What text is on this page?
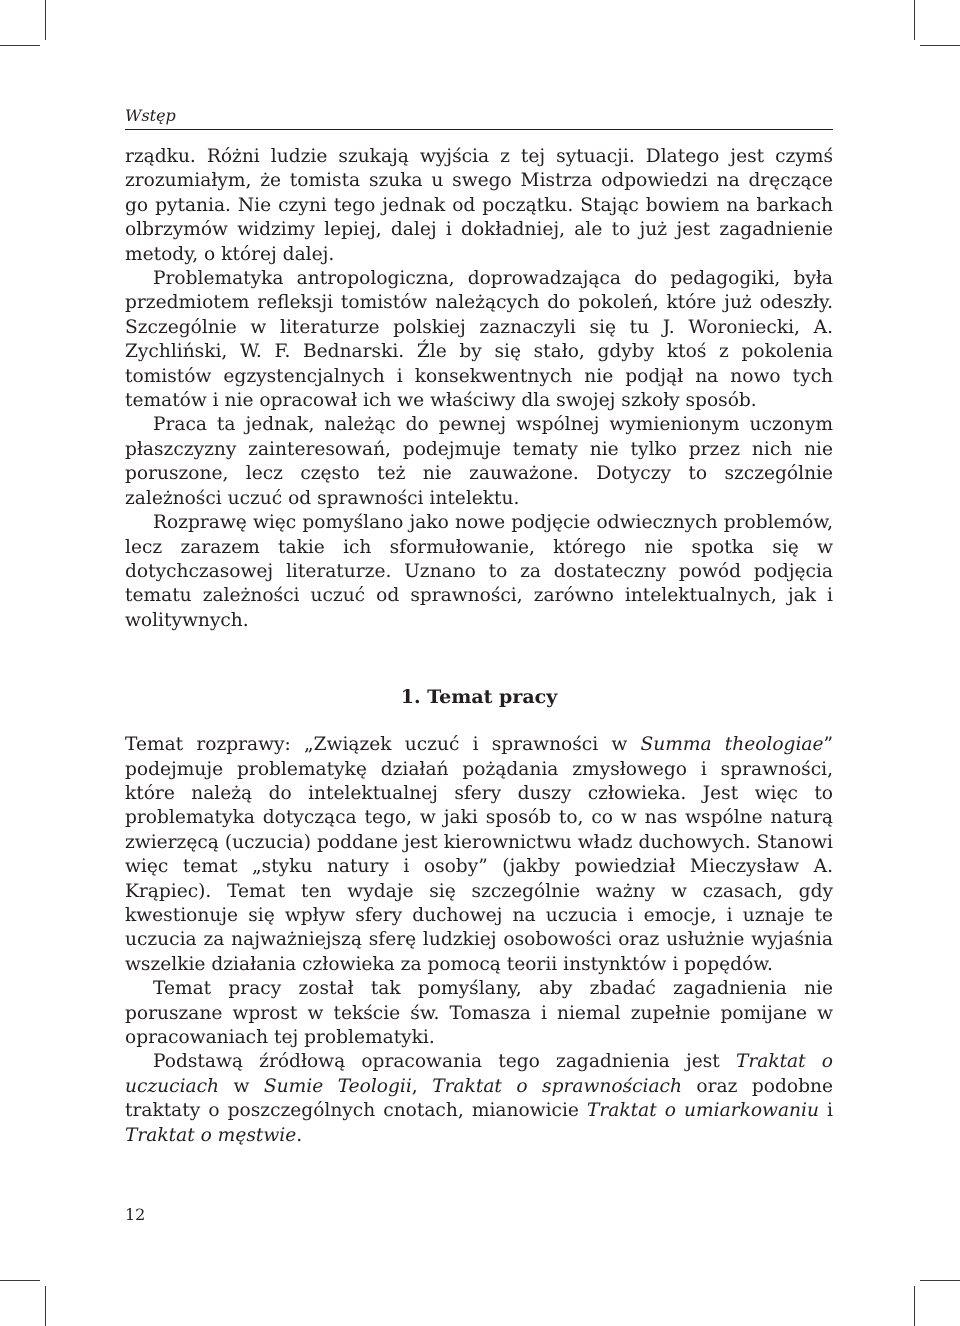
Wstęp

rządku. Różni ludzie szukają wyjścia z tej sytuacji. Dlatego jest czymś zrozumiałym, że tomista szuka u swego Mistrza odpowiedzi na dręczące go pytania. Nie czyni tego jednak od początku. Stając bowiem na barkach olbrzymów widzimy lepiej, dalej i dokładniej, ale to już jest zagadnienie metody, o której dalej.

Problematyka antropologiczna, doprowadzająca do pedagogiki, była przedmiotem refleksji tomistów należących do pokoleń, które już odeszły. Szczególnie w literaturze polskiej zaznaczyli się tu J. Woroniecki, A. Zychliński, W. F. Bednarski. Źle by się stało, gdyby ktoś z pokolenia tomistów egzystencjalnych i konsekwentnych nie podjął na nowo tych tematów i nie opracował ich we właściwy dla swojej szkoły sposób.

Praca ta jednak, należąc do pewnej wspólnej wymienionym uczonym płaszczyzny zainteresowań, podejmuje tematy nie tylko przez nich nie poruszone, lecz często też nie zauważone. Dotyczy to szczególnie zależności uczuć od sprawności intelektu.

Rozprawę więc pomyślano jako nowe podjęcie odwiecznych problemów, lecz zarazem takie ich sformułowanie, którego nie spotka się w dotychczasowej literaturze. Uznano to za dostateczny powód podjęcia tematu zależności uczuć od sprawności, zarówno intelektualnych, jak i wolitywnych.

1. Temat pracy

Temat rozprawy: „Związek uczuć i sprawności w Summa theologiae” podejmuje problematykę działań pożądania zmysłowego i sprawności, które należą do intelektualnej sfery duszy człowieka. Jest więc to problematyka dotycząca tego, w jaki sposób to, co w nas wspólne naturą zwierzęcą (uczucia) poddane jest kierownictwu władz duchowych. Stanowi więc temat „styku natury i osoby” (jakby powiedział Mieczysław A. Krąpiec). Temat ten wydaje się szczególnie ważny w czasach, gdy kwestionuje się wpływ sfery duchowej na uczucia i emocje, i uznaje te uczucia za najważniejszą sferę ludzkiej osobowości oraz usłużnie wyjaśnia wszelkie działania człowieka za pomocą teorii instynktów i popędów.

Temat pracy został tak pomyślany, aby zbadać zagadnienia nie poruszane wprost w tekście św. Tomasza i niemal zupełnie pomijane w opracowaniach tej problematyki.

Podstawą źródłową opracowania tego zagadnienia jest Traktat o uczuciach w Sumie Teologii, Traktat o sprawnościach oraz podobne traktaty o poszczególnych cnotach, mianowicie Traktat o umiarkowaniu i Traktat o męstwie.

12
